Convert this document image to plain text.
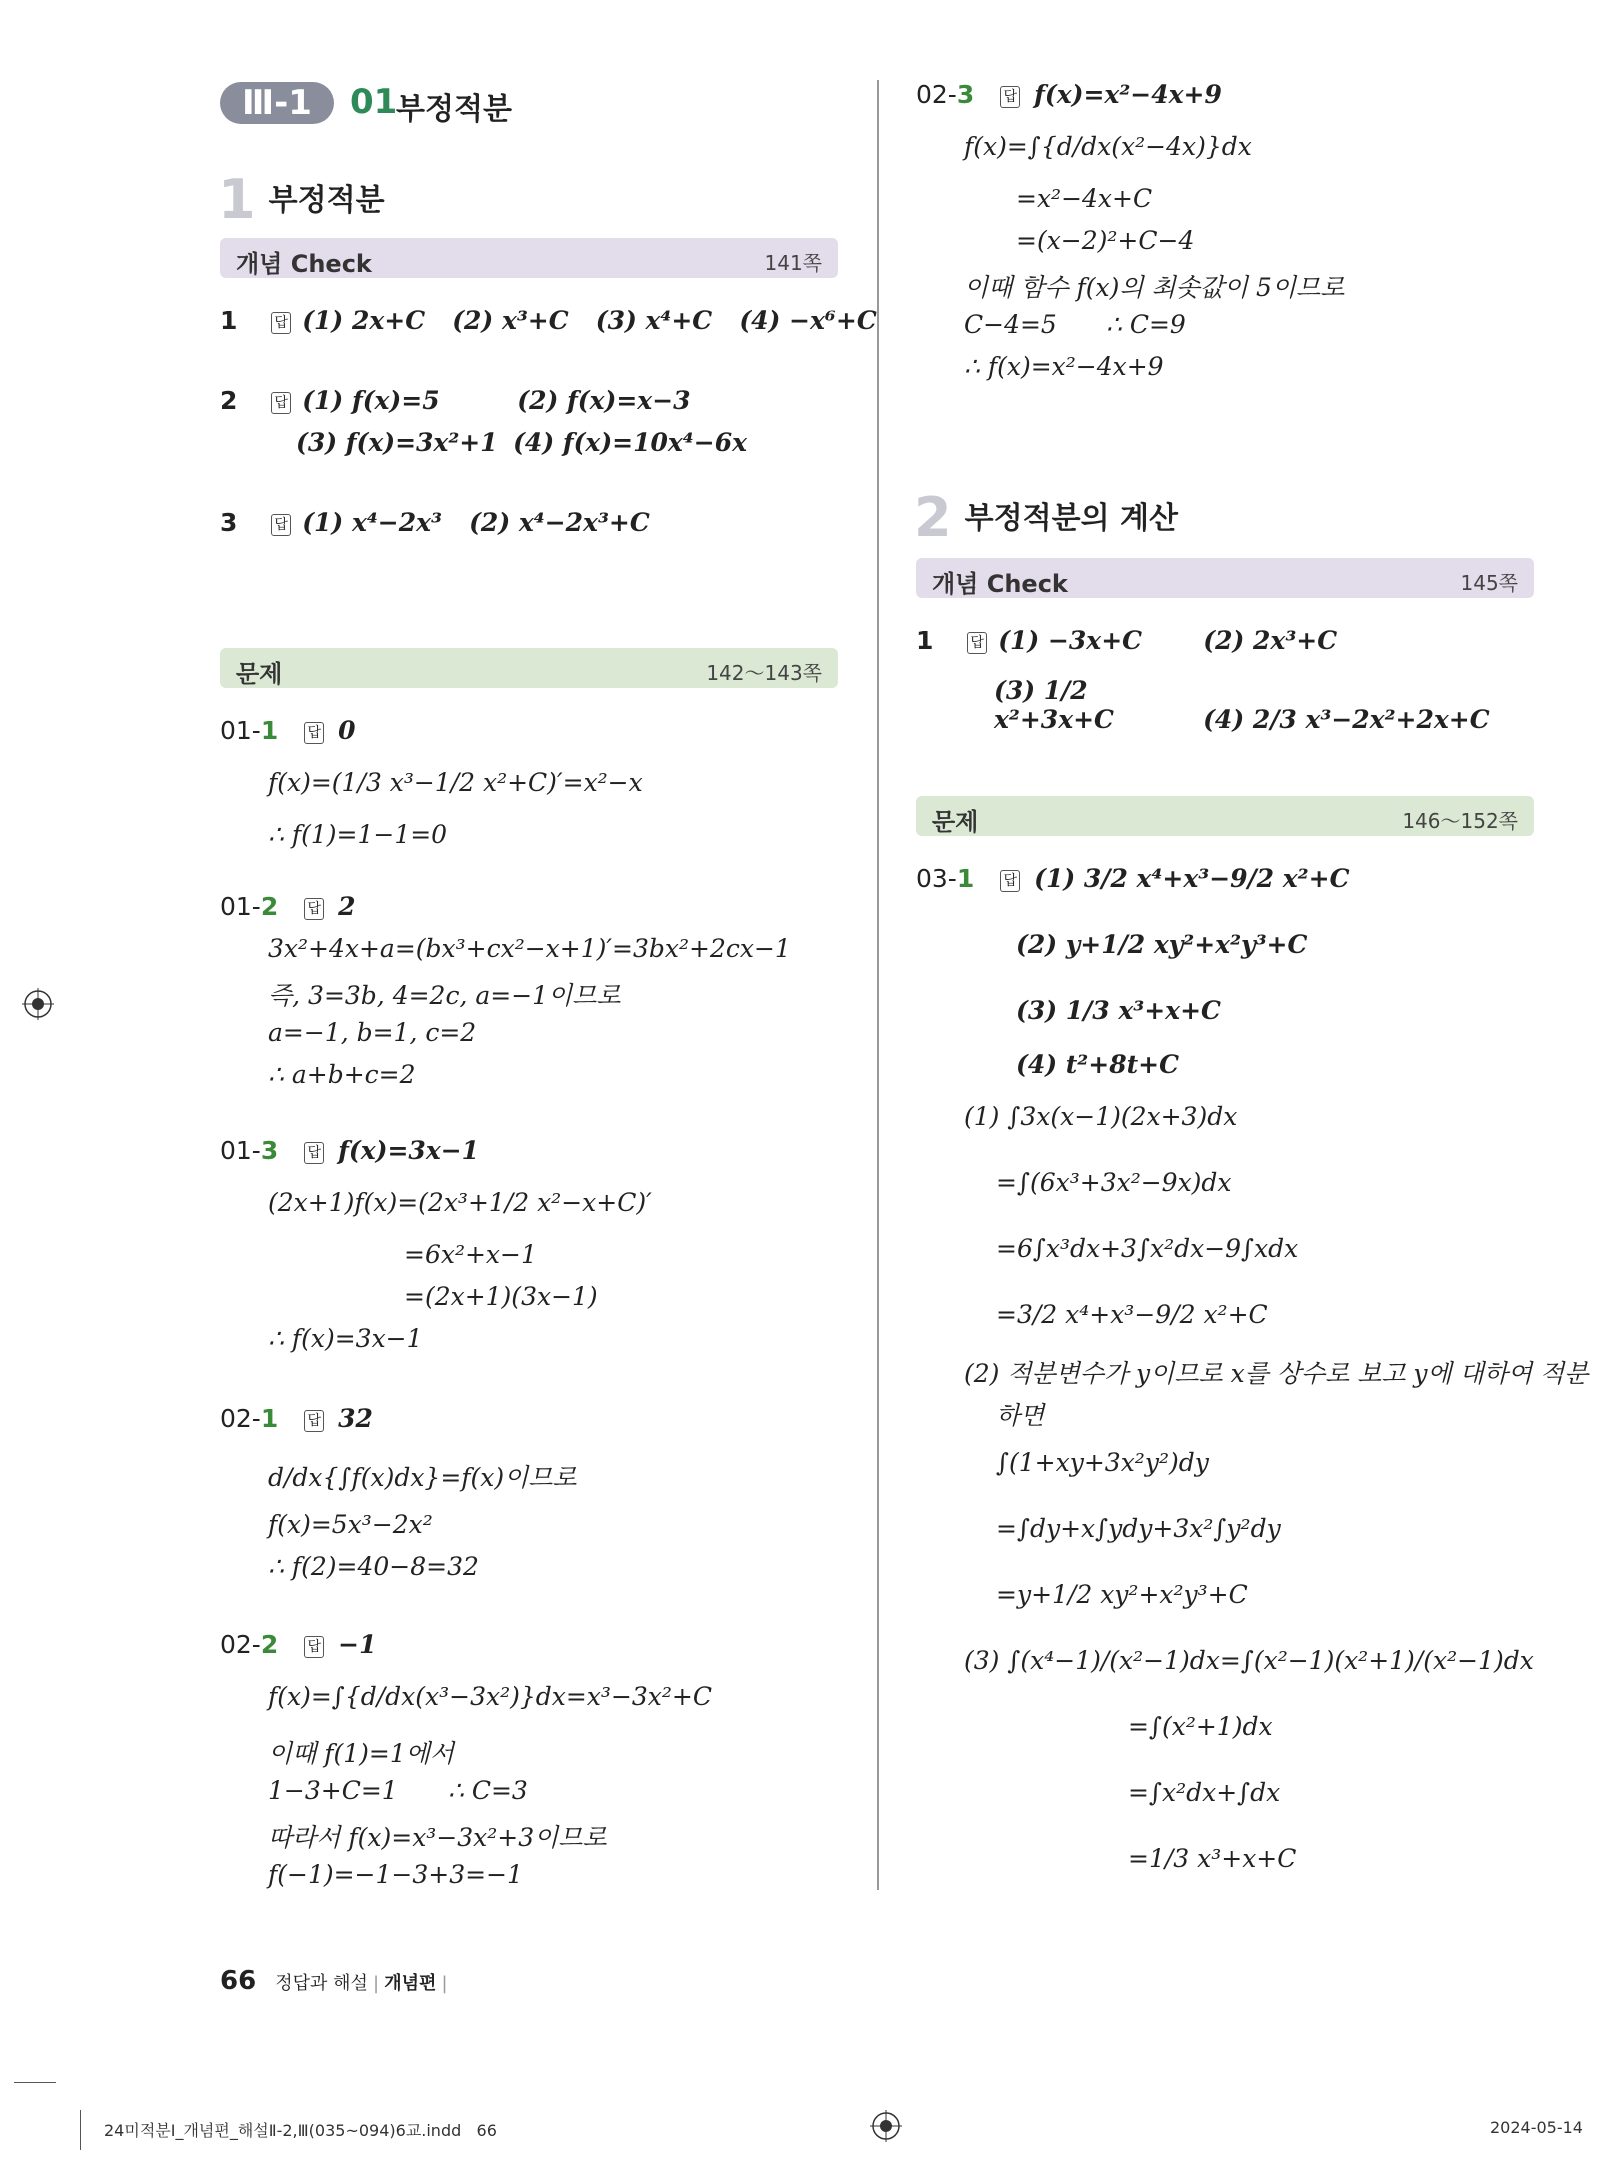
Ⅲ-1	01
부정적분
1 부정적분
개념 Check	141쪽
1	답 (1) 2x+C (2) x³+C (3) x⁴+C (4) −x⁶+C
2	답 (1) f(x)=5	(2) f(x)=x−3
(3) f(x)=3x²+1 (4) f(x)=10x⁴−6x
3	답 (1) x⁴−2x³ (2) x⁴−2x³+C
문제	142～143쪽
01-1 답 0
f(x)=(1/3 x³−1/2 x²+C)′=x²−x
∴ f(1)=1−1=0
01-2 답 2
3x²+4x+a=(bx³+cx²−x+1)′=3bx²+2cx−1
즉, 3=3b, 4=2c, a=−1이므로
a=−1, b=1, c=2
∴ a+b+c=2
01-3 답 f(x)=3x−1
(2x+1)f(x)=(2x³+1/2 x²−x+C)′
=6x²+x−1
=(2x+1)(3x−1)
∴ f(x)=3x−1
02-1 답 32
d/dx{∫f(x)dx}=f(x)이므로
f(x)=5x³−2x²
∴ f(2)=40−8=32
02-2 답 −1
f(x)=∫{d/dx(x³−3x²)}dx=x³−3x²+C
이때 f(1)=1에서
1−3+C=1 ∴ C=3
따라서 f(x)=x³−3x²+3이므로
f(−1)=−1−3+3=−1
02-3 답 f(x)=x²−4x+9
f(x)=∫{d/dx(x²−4x)}dx
=x²−4x+C
=(x−2)²+C−4
이때 함수 f(x)의 최솟값이 5이므로
C−4=5 ∴ C=9
∴ f(x)=x²−4x+9
2 부정적분의 계산
개념 Check	145쪽
1	답 (1) −3x+C (2) 2x³+C
(3) 1/2 x²+3x+C	(4) 2/3 x³−2x²+2x+C
문제	146～152쪽
03-1 답 (1) 3/2 x⁴+x³−9/2 x²+C
(2) y+1/2 xy²+x²y³+C
(3) 1/3 x³+x+C
(4) t²+8t+C
(1) ∫3x(x−1)(2x+3)dx
=∫(6x³+3x²−9x)dx
=6∫x³dx+3∫x²dx−9∫xdx
=3/2 x⁴+x³−9/2 x²+C
(2) 적분변수가 y이므로 x를 상수로 보고 y에 대하여 적분
하면
∫(1+xy+3x²y²)dy
=∫dy+x∫ydy+3x²∫y²dy
=y+1/2 xy²+x²y³+C
(3) ∫(x⁴−1)/(x²−1)dx=∫(x²−1)(x²+1)/(x²−1)dx
=∫(x²+1)dx
=∫x²dx+∫dx
=1/3 x³+x+C
66 정답과 해설 | 개념편 |
24미적분Ⅰ_개념편_해설Ⅱ-2,Ⅲ(035~094)6교.indd   66	2024-05-14
